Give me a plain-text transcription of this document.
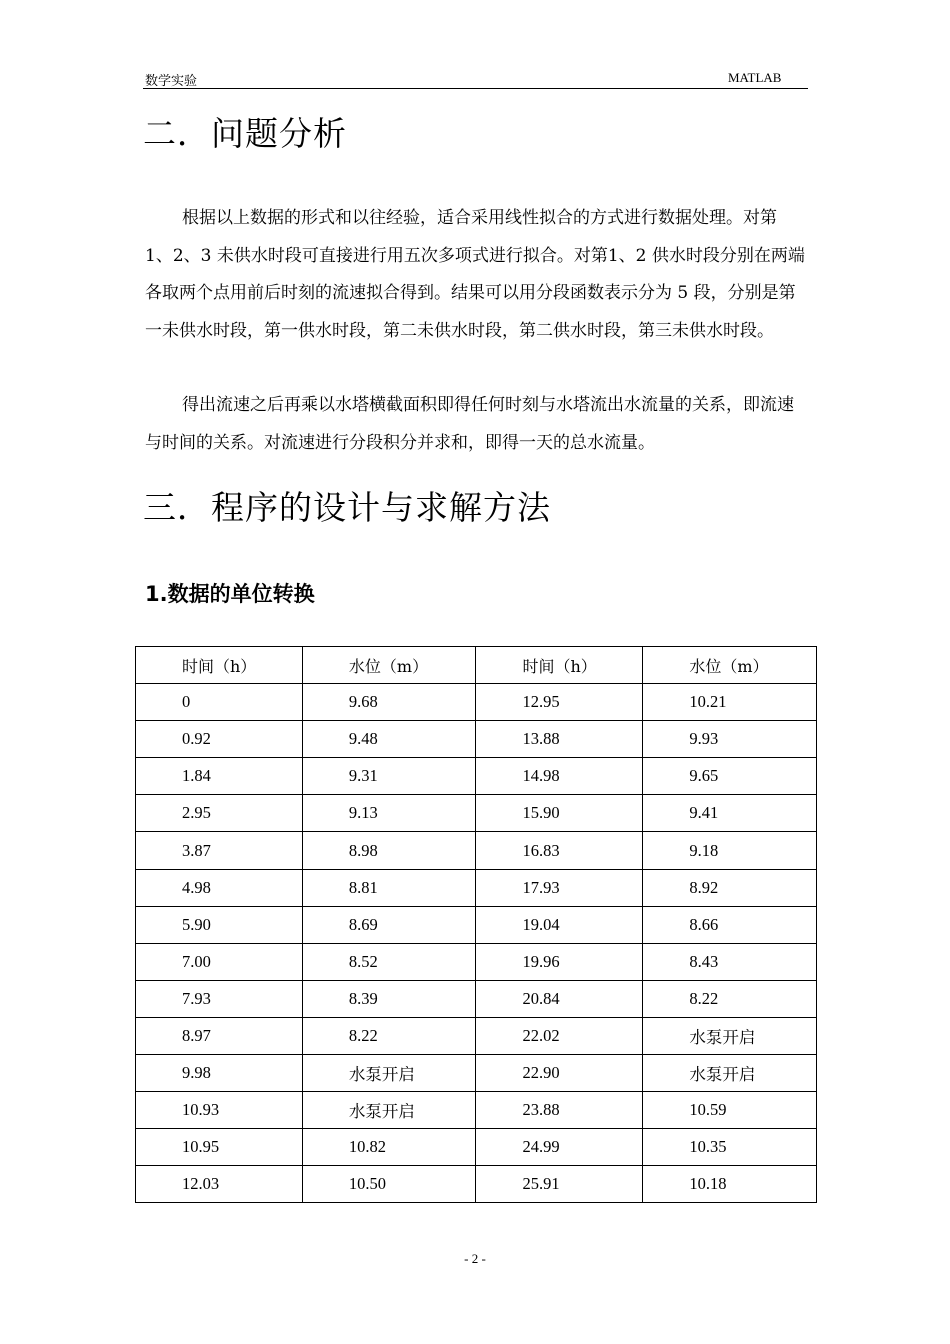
数学实验	MATLAB
二．问题分析

根据以上数据的形式和以往经验，适合采用线性拟合的方式进行数据处理。对第 1、2、3 未供水时段可直接进行用五次多项式进行拟合。对第1、2 供水时段分别在两端各取两个点用前后时刻的流速拟合得到。结果可以用分段函数表示分为 5 段，分别是第一未供水时段，第一供水时段，第二未供水时段，第二供水时段，第三未供水时段。

得出流速之后再乘以水塔横截面积即得任何时刻与水塔流出水流量的关系，即流速与时间的关系。对流速进行分段积分并求和，即得一天的总水流量。

三．程序的设计与求解方法
1.数据的单位转换
时间（h）	水位（m）	时间（h）	水位（m）
0	9.68	12.95	10.21
0.92	9.48	13.88	9.93
1.84	9.31	14.98	9.65
2.95	9.13	15.90	9.41
3.87	8.98	16.83	9.18
4.98	8.81	17.93	8.92
5.90	8.69	19.04	8.66
7.00	8.52	19.96	8.43
7.93	8.39	20.84	8.22
8.97	8.22	22.02	水泵开启
9.98	水泵开启	22.90	水泵开启
10.93	水泵开启	23.88	10.59
10.95	10.82	24.99	10.35
12.03	10.50	25.91	10.18
- 2 -
